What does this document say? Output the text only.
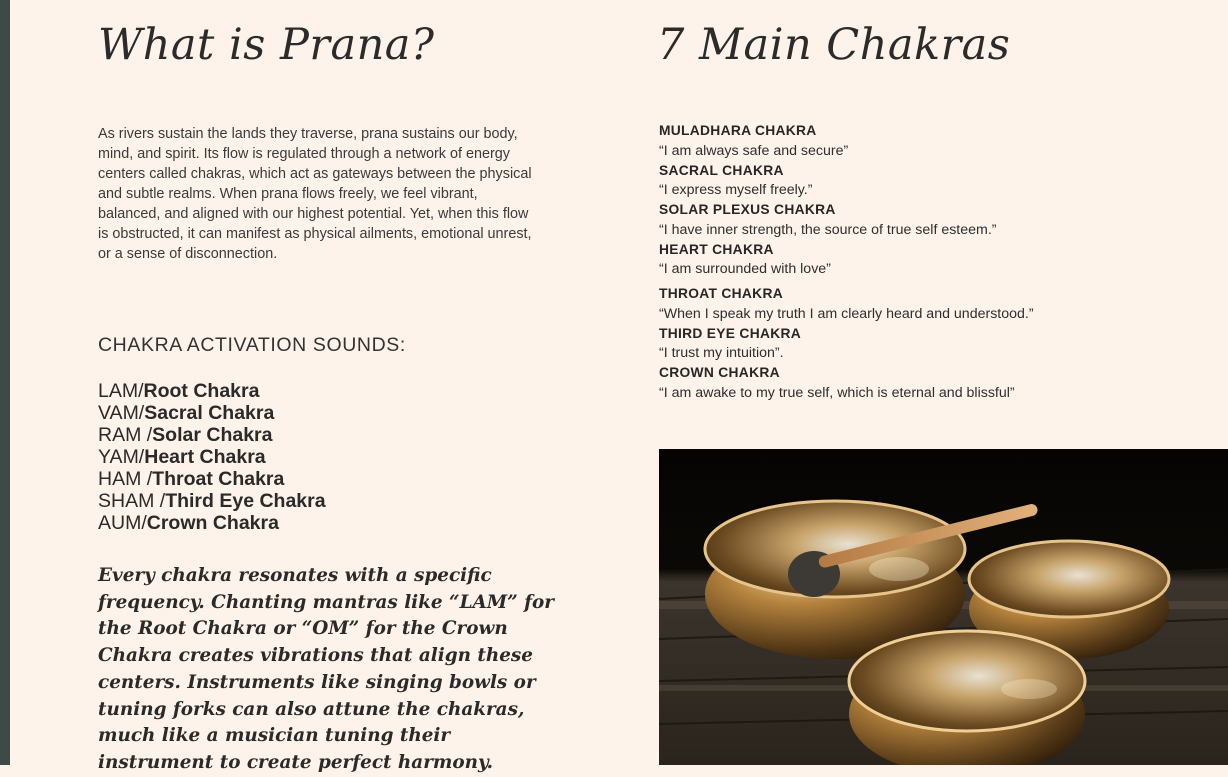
What is Prana?

As rivers sustain the lands they traverse, prana sustains our body, mind, and spirit. Its flow is regulated through a network of energy centers called chakras, which act as gateways between the physical and subtle realms. When prana flows freely, we feel vibrant, balanced, and aligned with our highest potential. Yet, when this flow is obstructed, it can manifest as physical ailments, emotional unrest, or a sense of disconnection.

CHAKRA ACTIVATION SOUNDS:
LAM/Root Chakra
VAM/Sacral Chakra
RAM /Solar Chakra
YAM/Heart Chakra
HAM /Throat Chakra
SHAM /Third Eye Chakra
AUM/Crown Chakra

Every chakra resonates with a specific frequency. Chanting mantras like “LAM” for the Root Chakra or “OM” for the Crown Chakra creates vibrations that align these centers. Instruments like singing bowls or tuning forks can also attune the chakras, much like a musician tuning their instrument to create perfect harmony.

7 Main Chakras
MULADHARA CHAKRA
“I am always safe and secure”
SACRAL CHAKRA
“I express myself freely.”
SOLAR PLEXUS CHAKRA
“I have inner strength, the source of true self esteem.”
HEART CHAKRA
“I am surrounded with love”
THROAT CHAKRA
“When I speak my truth I am clearly heard and understood.”
THIRD EYE CHAKRA
“I trust my intuition”.
CROWN CHAKRA
“I am awake to my true self, which is eternal and blissful”
